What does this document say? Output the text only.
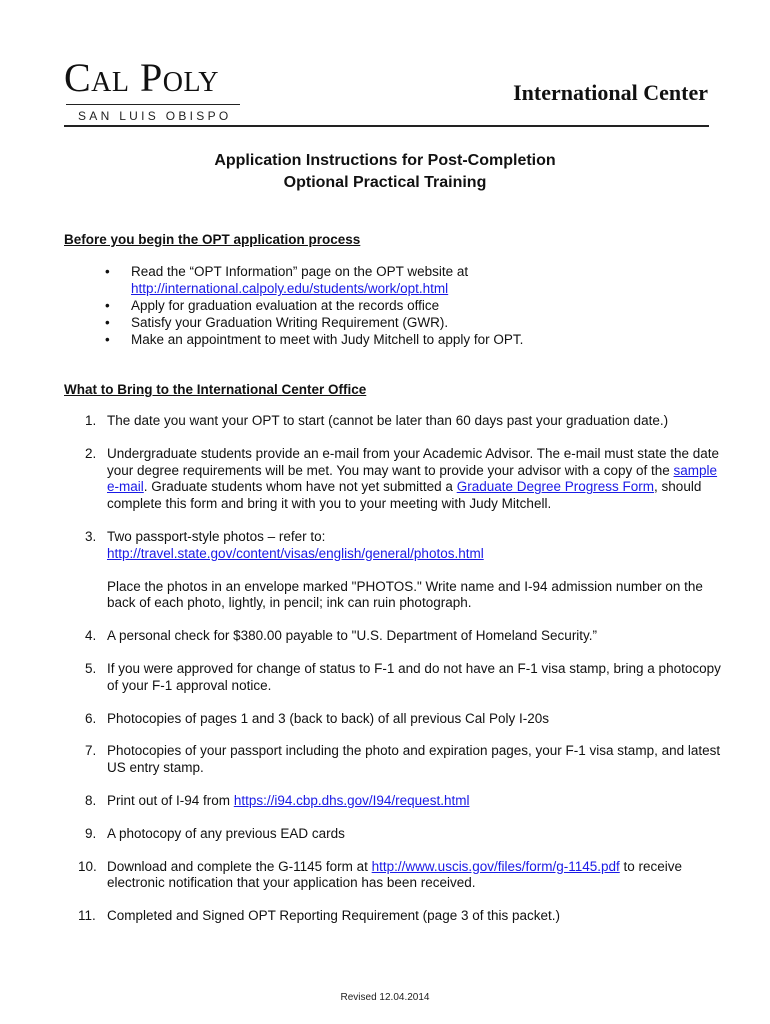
Cal Poly
SAN LUIS OBISPO
International Center
Application Instructions for Post-Completion
Optional Practical Training
Before you begin the OPT application process
• Read the “OPT Information” page on the OPT website at
http://international.calpoly.edu/students/work/opt.html
• Apply for graduation evaluation at the records office
• Satisfy your Graduation Writing Requirement (GWR).
• Make an appointment to meet with Judy Mitchell to apply for OPT.
What to Bring to the International Center Office
1. The date you want your OPT to start (cannot be later than 60 days past your graduation date.)

2. Undergraduate students provide an e-mail from your Academic Advisor. The e-mail must state the date your degree requirements will be met. You may want to provide your advisor with a copy of the sample e-mail. Graduate students whom have not yet submitted a Graduate Degree Progress Form, should complete this form and bring it with you to your meeting with Judy Mitchell.

3. Two passport-style photos – refer to:
http://travel.state.gov/content/visas/english/general/photos.html

Place the photos in an envelope marked "PHOTOS." Write name and I-94 admission number on the back of each photo, lightly, in pencil; ink can ruin photograph.

4. A personal check for $380.00 payable to "U.S. Department of Homeland Security.”

5. If you were approved for change of status to F-1 and do not have an F-1 visa stamp, bring a photocopy of your F-1 approval notice.

6. Photocopies of pages 1 and 3 (back to back) of all previous Cal Poly I-20s

7. Photocopies of your passport including the photo and expiration pages, your F-1 visa stamp, and latest US entry stamp.

8. Print out of I-94 from https://i94.cbp.dhs.gov/I94/request.html

9. A photocopy of any previous EAD cards

10. Download and complete the G-1145 form at http://www.uscis.gov/files/form/g-1145.pdf to receive electronic notification that your application has been received.

11. Completed and Signed OPT Reporting Requirement (page 3 of this packet.)

Revised 12.04.2014
